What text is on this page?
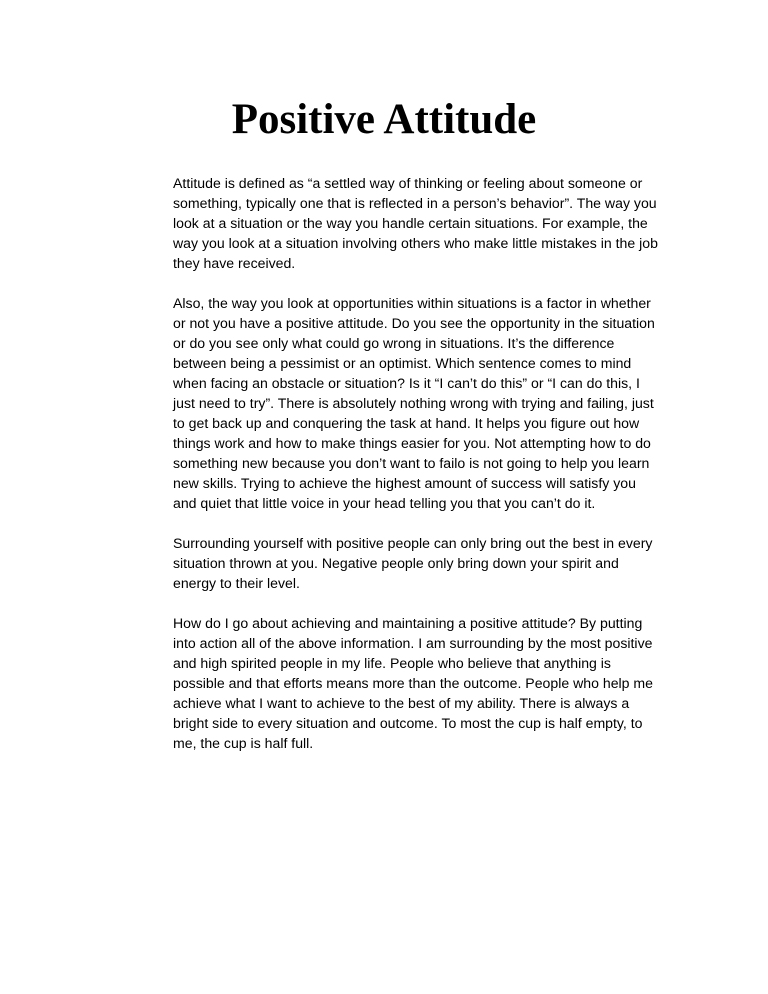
Positive Attitude

Attitude is defined as “a settled way of thinking or feeling about someone or something, typically one that is reflected in a person’s behavior”. The way you look at a situation or the way you handle certain situations. For example, the way you look at a situation involving others who make little mistakes in the job they have received.

Also, the way you look at opportunities within situations is a factor in whether or not you have a positive attitude. Do you see the opportunity in the situation or do you see only what could go wrong in situations. It’s the difference between being a pessimist or an optimist. Which sentence comes to mind when facing an obstacle or situation? Is it “I can’t do this” or “I can do this, I just need to try”. There is absolutely nothing wrong with trying and failing, just to get back up and conquering the task at hand. It helps you figure out how things work and how to make things easier for you. Not attempting how to do something new because you don’t want to failo is not going to help you learn new skills. Trying to achieve the highest amount of success will satisfy you and quiet that little voice in your head telling you that you can’t do it.

Surrounding yourself with positive people can only bring out the best in every situation thrown at you. Negative people only bring down your spirit and energy to their level.

How do I go about achieving and maintaining a positive attitude? By putting into action all of the above information. I am surrounding by the most positive and high spirited people in my life. People who believe that anything is possible and that efforts means more than the outcome. People who help me achieve what I want to achieve to the best of my ability. There is always a bright side to every situation and outcome. To most the cup is half empty, to me, the cup is half full.
